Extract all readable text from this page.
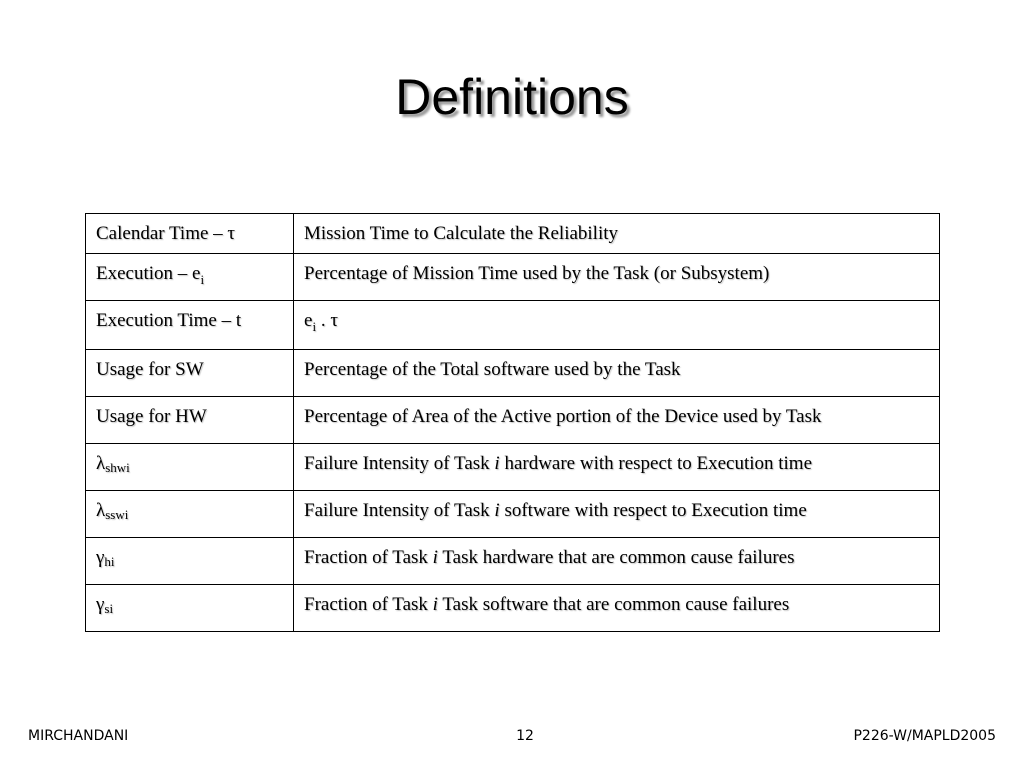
Definitions
Calendar Time – τ	Mission Time to Calculate the Reliability
Execution – $e_i$	Percentage of Mission Time used by the Task (or Subsystem)
Execution Time – t	$e_i$ . τ
Usage for SW	Percentage of the Total software used by the Task
Usage for HW	Percentage of Area of the Active portion of the Device used by Task
λshwi	Failure Intensity of Task i hardware with respect to Execution time
λsswi	Failure Intensity of Task i software with respect to Execution time
γhi	Fraction of Task i Task hardware that are common cause failures
γsi	Fraction of Task i Task software that are common cause failures
MIRCHANDANI	12	P226-W/MAPLD2005
